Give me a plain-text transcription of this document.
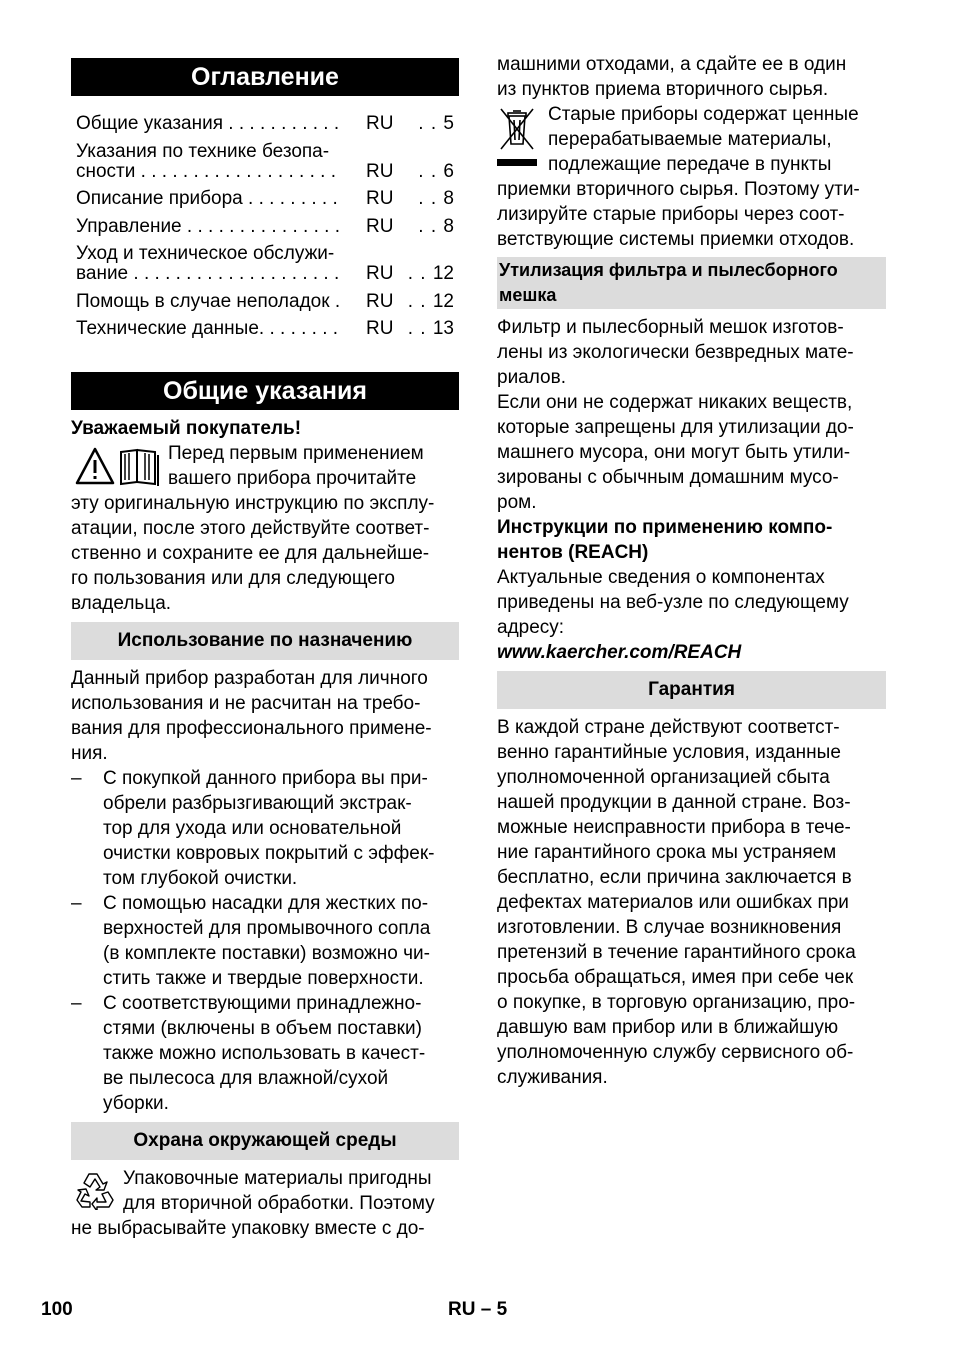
Оглавление
Общие указания . . . . . . . . . . . RU	. . 5
Указания по технике безопа-
сности . . . . . . . . . . . . . . . . . . . RU	. . 6
Описание прибора . . . . . . . . . RU	. . 8
Управление . . . . . . . . . . . . . . . RU	. . 8
Уход и техническое обслужи-
вание . . . . . . . . . . . . . . . . . . . . RU	. . 12
Помощь в случае неполадок . RU	. . 12
Технические данные. . . . . . . . RU	. . 13
Общие указания
Уважаемый покупатель!
Перед первым применением
вашего прибора прочитайте
эту оригинальную инструкцию по эксплу-
атации, после этого действуйте соответ-
ственно и сохраните ее для дальнейше-
го пользования или для следующего
владельца.
Использование по назначению
Данный прибор разработан для личного
использования и не расчитан на требо-
вания для профессионального примене-
ния.
– С покупкой данного прибора вы при-
обрели разбрызгивающий экстрак-
тор для ухода или основательной
очистки ковровых покрытий с эффек-
том глубокой очистки.
– С помощью насадки для жестких по-
верхностей для промывочного сопла
(в комплекте поставки) возможно чи-
стить также и твердые поверхности.
– С соответствующими принадлежно-
стями (включены в объем поставки)
также можно использовать в качест-
ве пылесоса для влажной/сухой
уборки.
Охрана окружающей среды
Упаковочные материалы пригодны
для вторичной обработки. Поэтому
не выбрасывайте упаковку вместе с до-
машними отходами, а сдайте ее в один
из пунктов приема вторичного сырья.
Старые приборы содержат ценные
перерабатываемые материалы,
подлежащие передаче в пункты
приемки вторичного сырья. Поэтому ути-
лизируйте старые приборы через соот-
ветствующие системы приемки отходов.
Утилизация фильтра и пылесборного
мешка
Фильтр и пылесборный мешок изготов-
лены из экологически безвредных мате-
риалов.
Если они не содержат никаких веществ,
которые запрещены для утилизации до-
машнего мусора, они могут быть утили-
зированы с обычным домашним мусо-
ром.
Инструкции по применению компо-
нентов (REACH)
Актуальные сведения о компонентах
приведены на веб-узле по следующему
адресу:
www.kaercher.com/REACH
Гарантия
В каждой стране действуют соответст-
венно гарантийные условия, изданные
уполномоченной организацией сбыта
нашей продукции в данной стране. Воз-
можные неисправности прибора в тече-
ние гарантийного срока мы устраняем
бесплатно, если причина заключается в
дефектах материалов или ошибках при
изготовлении. В случае возникновения
претензий в течение гарантийного срока
просьба обращаться, имея при себе чек
о покупке, в торговую организацию, про-
давшую вам прибор или в ближайшую
уполномоченную службу сервисного об-
служивания.
100	RU – 5
